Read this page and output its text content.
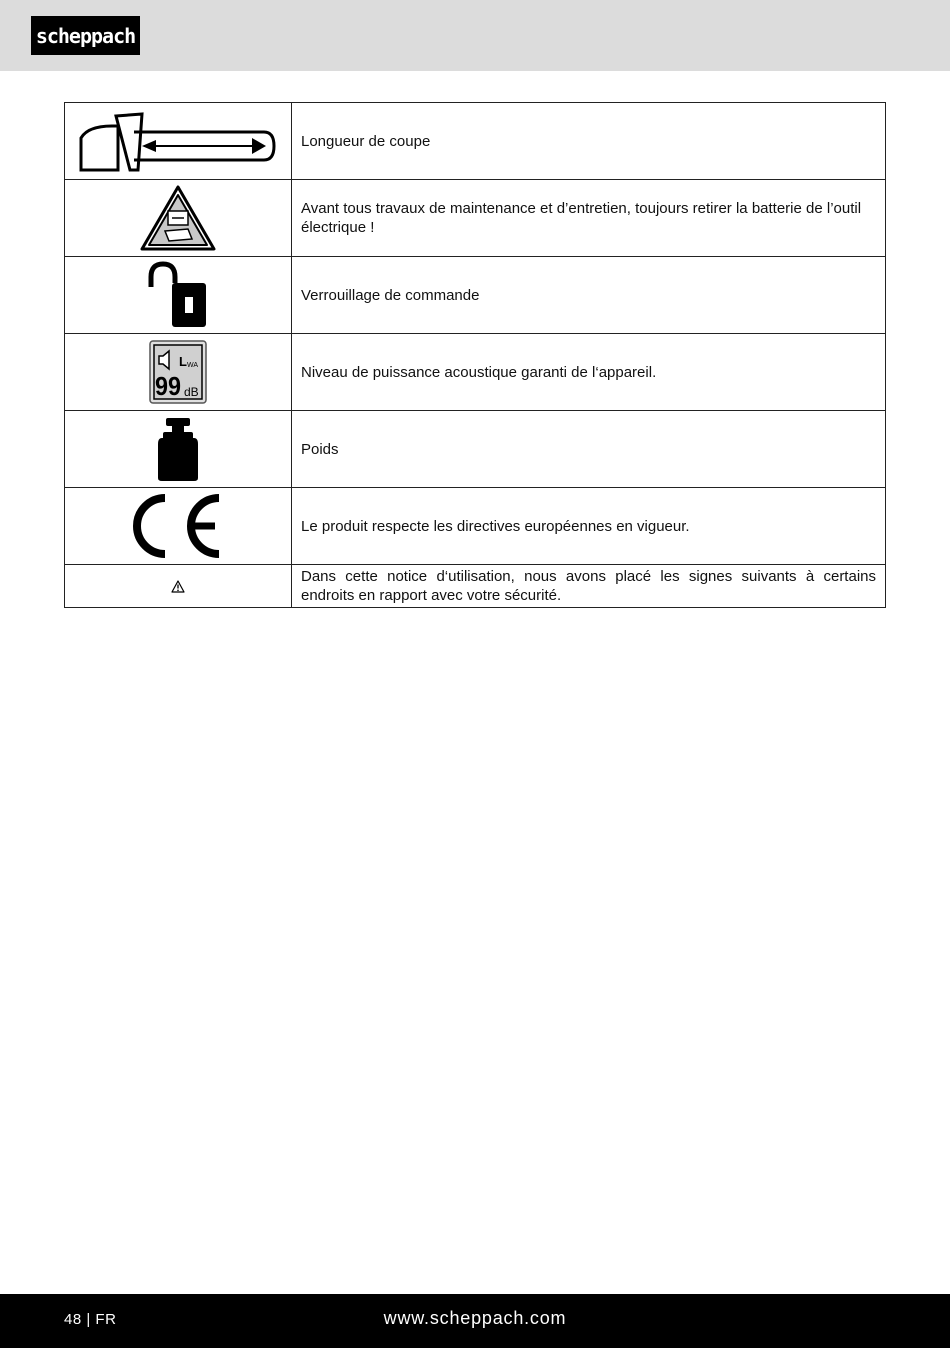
scheppach
	Longueur de coupe

	Avant tous travaux de maintenance et d’entretien, toujours retirer la batterie de l’outil électrique !

	Verrouillage de commande

L WA
99 dB	Niveau de puissance acoustique garanti de l‘appareil.

	Poids

	Le produit respecte les directives européennes en vigueur.

	Dans cette notice d‘utilisation, nous avons placé les signes suivants à certains endroits en rapport avec votre sécurité.
48 | FR	www.scheppach.com
